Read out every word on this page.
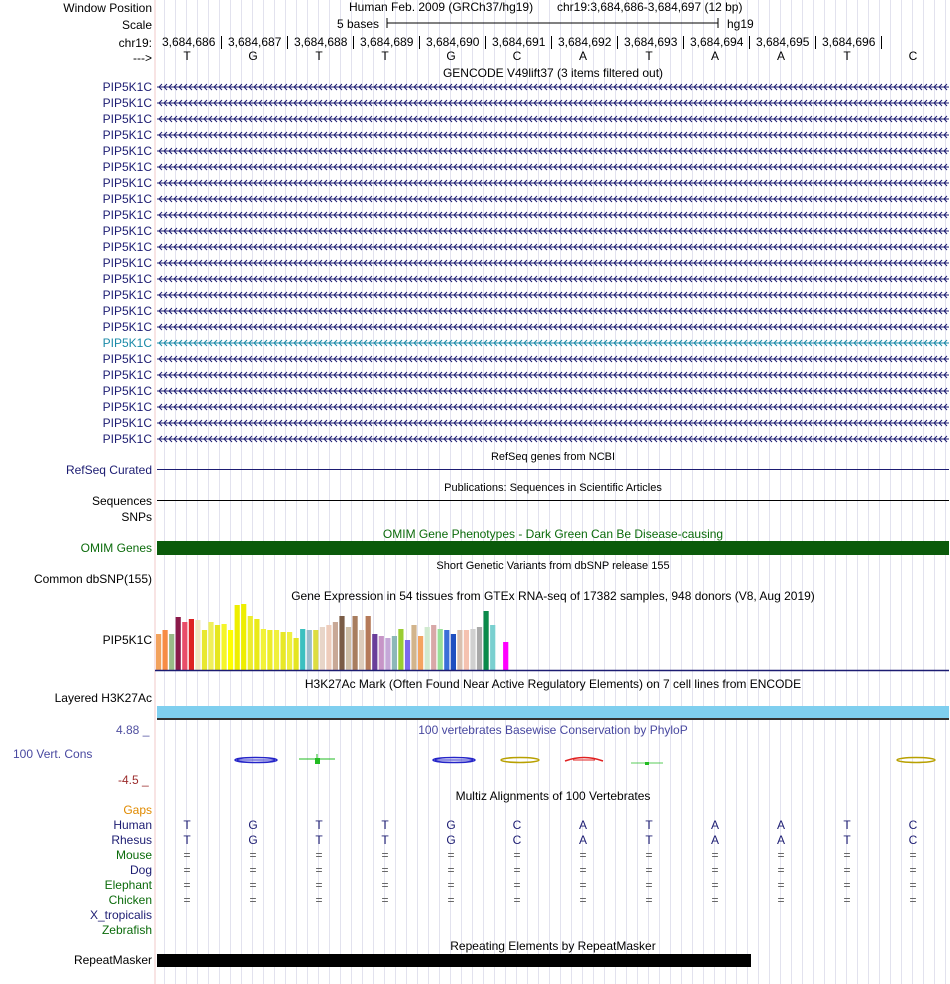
Window Position	Human Feb. 2009 (GRCh37/hg19) chr19:3,684,686-3,684,697 (12 bp)
Scale	5 bases	hg19
chr19: 3,684,686 3,684,687 3,684,688 3,684,689 3,684,690 3,684,691 3,684,692 3,684,693 3,684,694 3,684,695 3,684,696
--->	T	G	T	T	G	C	A	T	A	A	T	C
GENCODE V49lift37 (3 items filtered out)
PIP5K1C
PIP5K1C
PIP5K1C
PIP5K1C
PIP5K1C
PIP5K1C
PIP5K1C
PIP5K1C
PIP5K1C
PIP5K1C
PIP5K1C
PIP5K1C
PIP5K1C
PIP5K1C
PIP5K1C
PIP5K1C
PIP5K1C
PIP5K1C
PIP5K1C
PIP5K1C
PIP5K1C
PIP5K1C
PIP5K1C
RefSeq genes from NCBI
RefSeq Curated
Publications: Sequences in Scientific Articles
Sequences
SNPs
OMIM Gene Phenotypes - Dark Green Can Be Disease-causing
OMIM Genes
Short Genetic Variants from dbSNP release 155
Common dbSNP(155)
Gene Expression in 54 tissues from GTEx RNA-seq of 17382 samples, 948 donors (V8, Aug 2019)
PIP5K1C
H3K27Ac Mark (Often Found Near Active Regulatory Elements) on 7 cell lines from ENCODE
Layered H3K27Ac
100 vertebrates Basewise Conservation by PhyloP
4.88 _
100 Vert. Cons
-4.5 _
Multiz Alignments of 100 Vertebrates
Gaps
Human	T	G	T	T	G	C	A	T	A	A	T	C
Rhesus	T	G	T	T	G	C	A	T	A	A	T	C
Mouse	=	=	=	=	=	=	=	=	=	=	=	=
Dog	=	=	=	=	=	=	=	=	=	=	=	=
Elephant	=	=	=	=	=	=	=	=	=	=	=	=
Chicken	=	=	=	=	=	=	=	=	=	=	=	=
X_tropicalis
Zebrafish
Repeating Elements by RepeatMasker
RepeatMasker
